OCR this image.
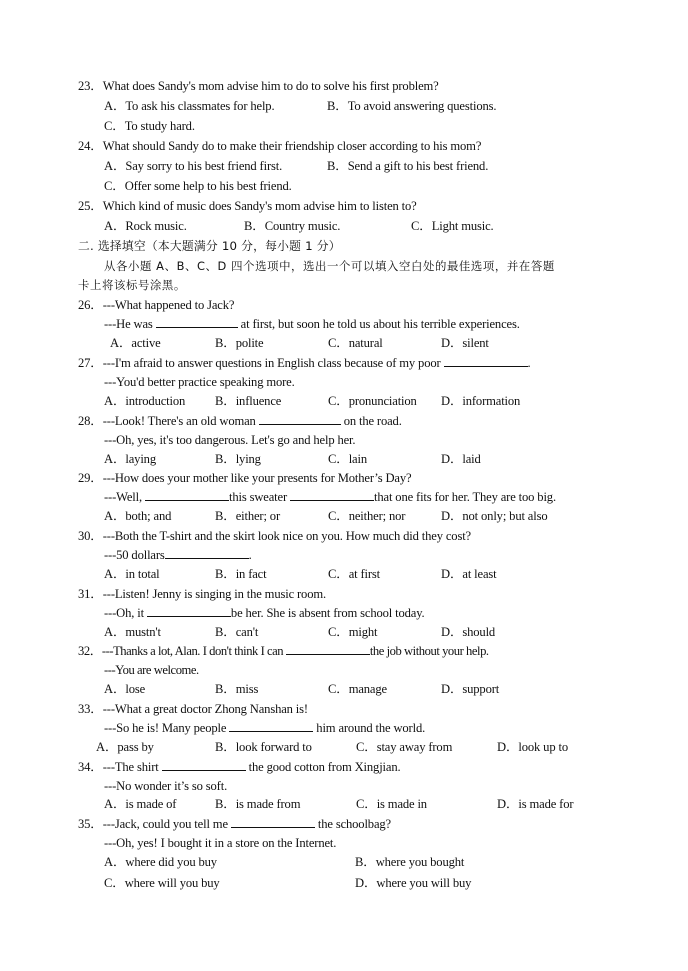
23．What does Sandy's mom advise him to do to solve his first problem?
A．To ask his classmates for help.	B．To avoid answering questions.
C．To study hard.
24．What should Sandy do to make their friendship closer according to his mom?
A．Say sorry to his best friend first.	B．Send a gift to his best friend.
C．Offer some help to his best friend.
25．Which kind of music does Sandy's mom advise him to listen to?
A．Rock music.	B．Country music.	C．Light music.
二. 选择填空（本大题满分 10 分，每小题 1 分）
从各小题 A、B、C、D 四个选项中，选出一个可以填入空白处的最佳选项，并在答题
卡上将该标号涂黑。
26．---What happened to Jack?
---He was	at first, but soon he told us about his terrible experiences.
A．active	B．polite	C．natural	D．silent
27．---I'm afraid to answer questions in English class because of my poor	.
---You'd better practice speaking more.
A．introduction B．influence	C．pronunciation D．information
28．---Look! There's an old woman	on the road.
---Oh, yes, it's too dangerous. Let's go and help her.
A．laying	B．lying	C．lain	D．laid
29．---How does your mother like your presents for Mother’s Day?
---Well,	this sweater	that one fits for her. They are too big.
A．both; and	B．either; or	C．neither; nor	D．not only; but also
30．---Both the T-shirt and the skirt look nice on you. How much did they cost?
---50 dollars	.
A．in total	B．in fact	C．at first	D．at least
31．---Listen! Jenny is singing in the music room.
---Oh, it	be her. She is absent from school today.
A．mustn't	B．can't	C．might	D．should
32．---Thanks a lot, Alan. I don't think I can	the job without your help.
---You are welcome.
A．lose	B．miss	C．manage	D．support
33．---What a great doctor Zhong Nanshan is!
---So he is! Many people	him around the world.
A．pass by	B．look forward to	C．stay away from	D．look up to
34．---The shirt	the good cotton from Xingjian.
---No wonder it’s so soft.
A．is made of	B．is made from	C．is made in	D．is made for
35．---Jack, could you tell me	the schoolbag?
---Oh, yes! I bought it in a store on the Internet.
A．where did you buy	B．where you bought
C．where will you buy	D．where you will buy
